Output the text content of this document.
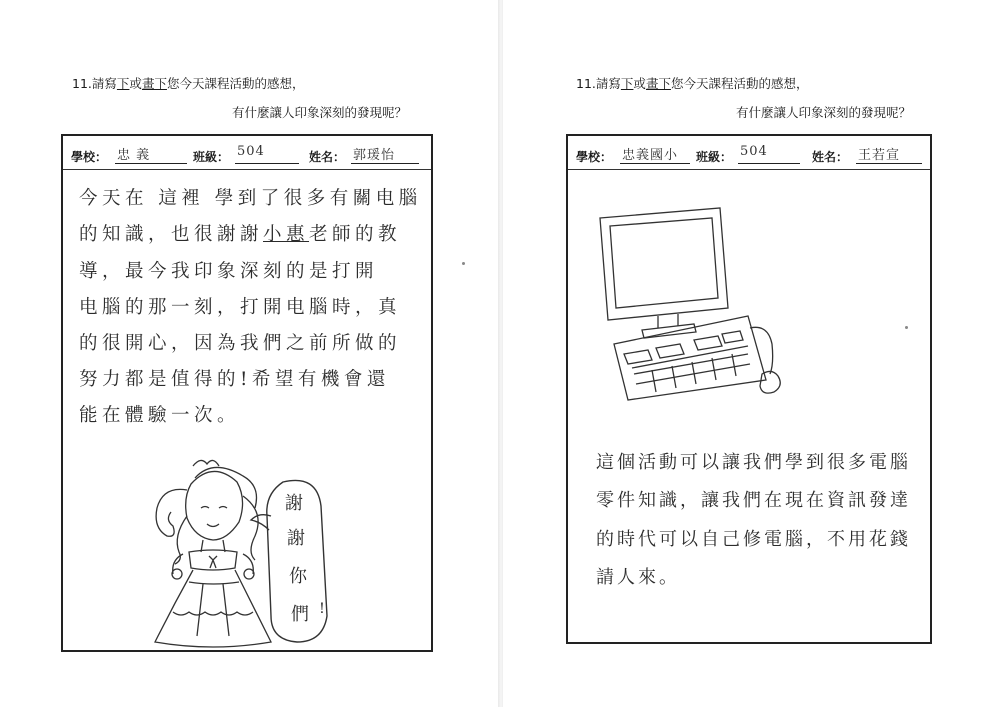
11.請寫下或畫下您今天課程活動的感想，
有什麼讓人印象深刻的發現呢？
學校： 忠 義	班級： 504	姓名： 郭瑗怡
今天在 這裡 學到了很多有關电腦
的知識，也很謝謝小惠老師的教
導，最今我印象深刻的是打開
电腦的那一刻，打開电腦時，真
的很開心，因為我們之前所做的
努力都是值得的!希望有機會還
能在體驗一次。
謝
謝
你
們 !
11.請寫下或畫下您今天課程活動的感想，
有什麼讓人印象深刻的發現呢？
學校： 忠義國小	班級： 504	姓名： 王若宣
這個活動可以讓我們學到很多電腦
零件知識，讓我們在現在資訊發達
的時代可以自己修電腦，不用花錢
請人來。
